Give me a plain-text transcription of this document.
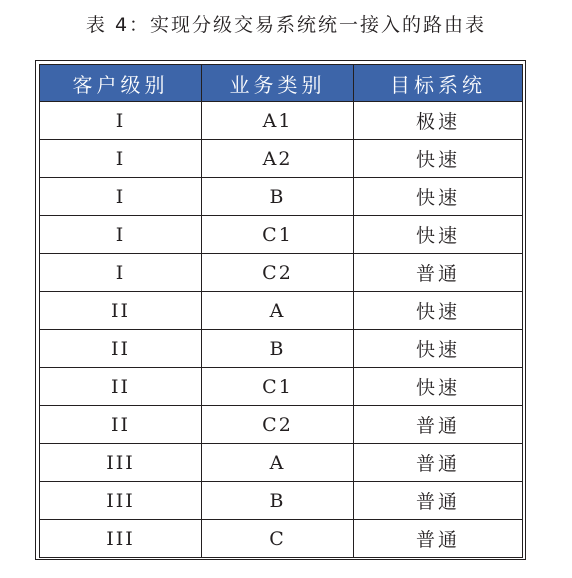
表 4：实现分级交易系统统一接入的路由表
客户级别	业务类别	目标系统
I	A1	极速
I	A2	快速
I	B	快速
I	C1	快速
I	C2	普通
II	A	快速
II	B	快速
II	C1	快速
II	C2	普通
III	A	普通
III	B	普通
III	C	普通
